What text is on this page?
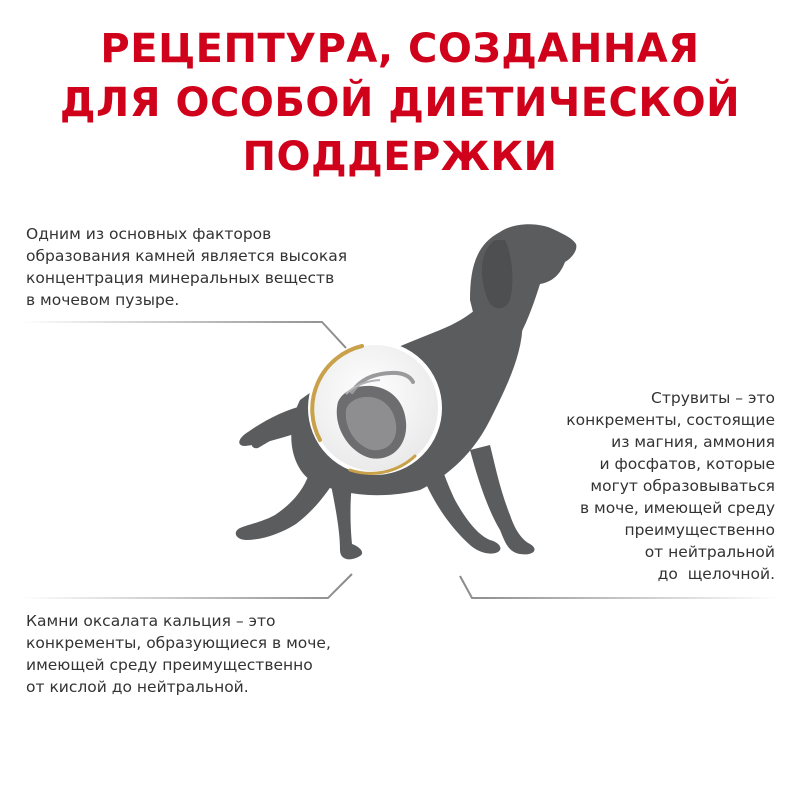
РЕЦЕПТУРА, СОЗДАННАЯ
ДЛЯ ОСОБОЙ ДИЕТИЧЕСКОЙ
ПОДДЕРЖКИ

Одним из основных факторов
образования камней является высокая
концентрация минеральных веществ
в мочевом пузыре.

Струвиты – это
конкременты, состоящие
из магния, аммония
и фосфатов, которые
могут образовываться
в моче, имеющей среду
преимущественно
от нейтральной
до  щелочной.

Камни оксалата кальция – это
конкременты, образующиеся в моче,
имеющей среду преимущественно
от кислой до нейтральной.
